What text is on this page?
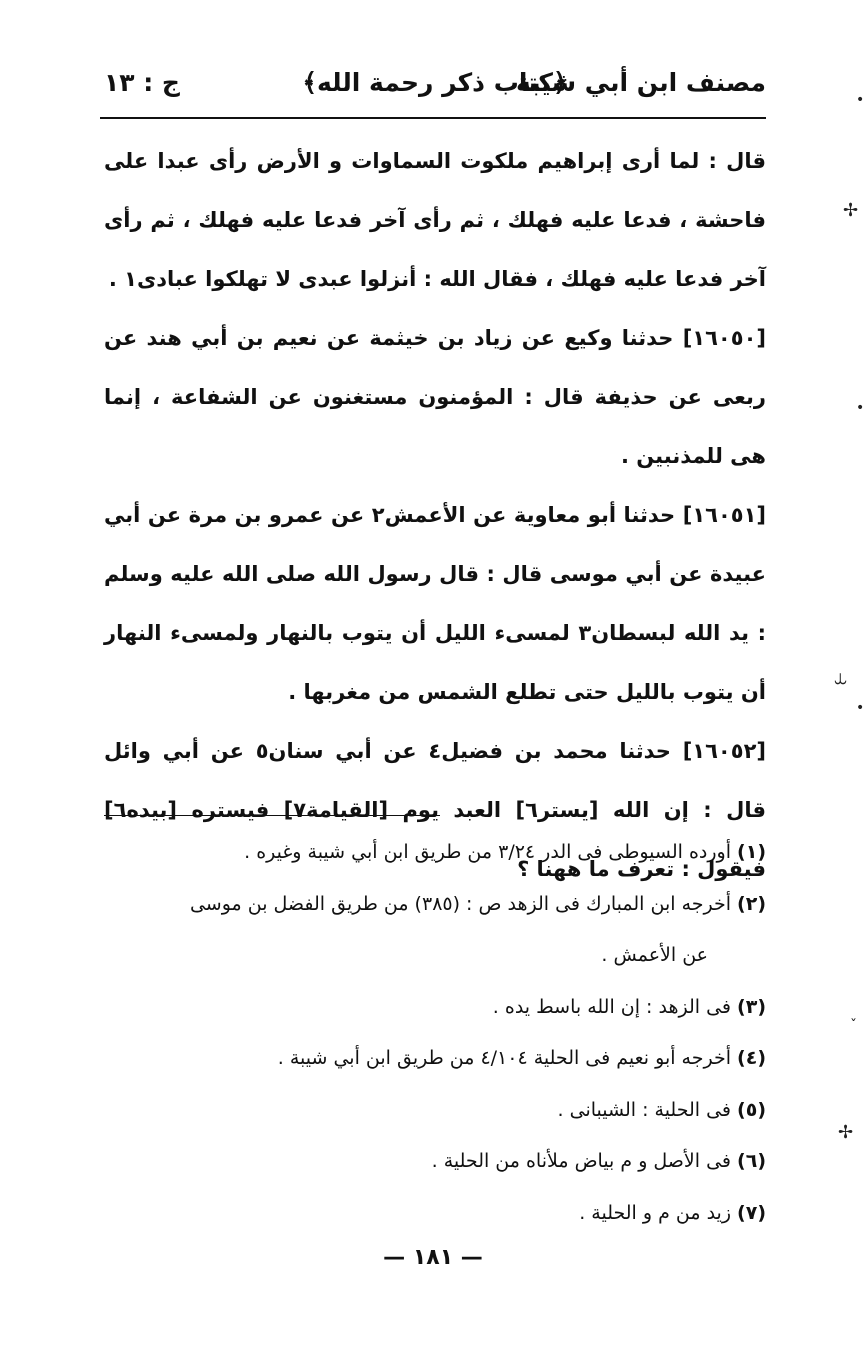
مصنف ابن أبي شيبة
﴿كتاب ذكر رحمة الله﴾
ج : ١٣

قال : لما أرى إبراهيم ملكوت السماوات و الأرض رأى عبدا على فاحشة ، فدعا عليه فهلك ، ثم رأى آخر فدعا عليه فهلك ، ثم رأى آخر فدعا عليه فهلك ، فقال الله : أنزلوا عبدى لا تهلكوا عبادى١ .

[١٦٠٥٠] حدثنا وكيع عن زياد بن خيثمة عن نعيم بن أبي هند عن ربعى عن حذيفة قال : المؤمنون مستغنون عن الشفاعة ، إنما هى للمذنبين .

[١٦٠٥١] حدثنا أبو معاوية عن الأعمش٢ عن عمرو بن مرة عن أبي عبيدة عن أبي موسى قال : قال رسول الله صلى الله عليه وسلم : يد الله لبسطان٣ لمسىء الليل أن يتوب بالنهار ولمسىء النهار أن يتوب بالليل حتى تطلع الشمس من مغربها .

[١٦٠٥٢] حدثنا محمد بن فضيل٤ عن أبي سنان٥ عن أبي وائل قال : إن الله [يستر٦] العبد يوم [القيامة٧] فيستره [بيده٦] فيقول : تعرف ما ههنا ؟

(١)أورده السيوطى فى الدر ٣/٢٤ من طريق ابن أبي شيبة وغيره .

(٢)أخرجه ابن المبارك فى الزهد ص : (٣٨٥) من طريق الفضل بن موسى

عن الأعمش .

(٣)فى الزهد : إن الله باسط يده .

(٤)أخرجه أبو نعيم فى الحلية ٤/١٠٤ من طريق ابن أبي شيبة .

(٥)فى الحلية : الشيبانى .

(٦)فى الأصل و م بياض ملأناه من الحلية .

(٧)زيد من م و الحلية .

— ١٨١ —
•
✢
•
⥿
•
ˇ
✢
